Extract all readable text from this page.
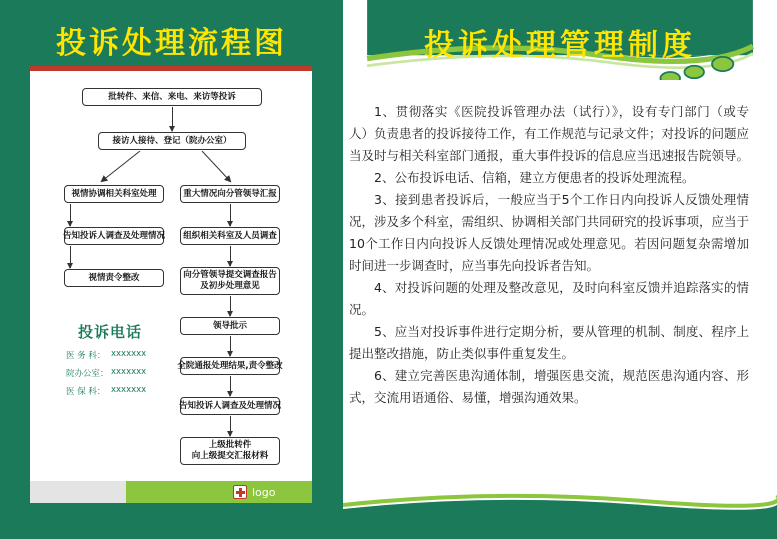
投诉处理流程图
批转件、来信、来电、来访等投诉
接访人接待、登记（院办公室）
视情协调相关科室处理
告知投诉人调查及处理情况
视情责令整改
重大情况向分管领导汇报
组织相关科室及人员调查
向分管领导提交调查报告
及初步处理意见
领导批示
全院通报处理结果,责令整改
告知投诉人调查及处理情况
上级批转件
向上级提交汇报材料
投诉电话
医 务 科： xxxxxxx
院办公室： xxxxxxx
医 保 科： xxxxxxx
logo
投诉处理管理制度

1、贯彻落实《医院投诉管理办法（试行）》，设有专门部门（或专人）负责患者的投诉接待工作，有工作规范与记录文件；对投诉的问题应当及时与相关科室部门通报，重大事件投诉的信息应当迅速报告院领导。

2、公布投诉电话、信箱，建立方便患者的投诉处理流程。

3、接到患者投诉后，一般应当于5个工作日内向投诉人反馈处理情况，涉及多个科室，需组织、协调相关部门共同研究的投诉事项，应当于10个工作日内向投诉人反馈处理情况或处理意见。若因问题复杂需增加时间进一步调查时，应当事先向投诉者告知。

4、对投诉问题的处理及整改意见，及时向科室反馈并追踪落实的情况。

5、应当对投诉事件进行定期分析，要从管理的机制、制度、程序上提出整改措施，防止类似事件重复发生。

6、建立完善医患沟通体制，增强医患交流，规范医患沟通内容、形式，交流用语通俗、易懂，增强沟通效果。
